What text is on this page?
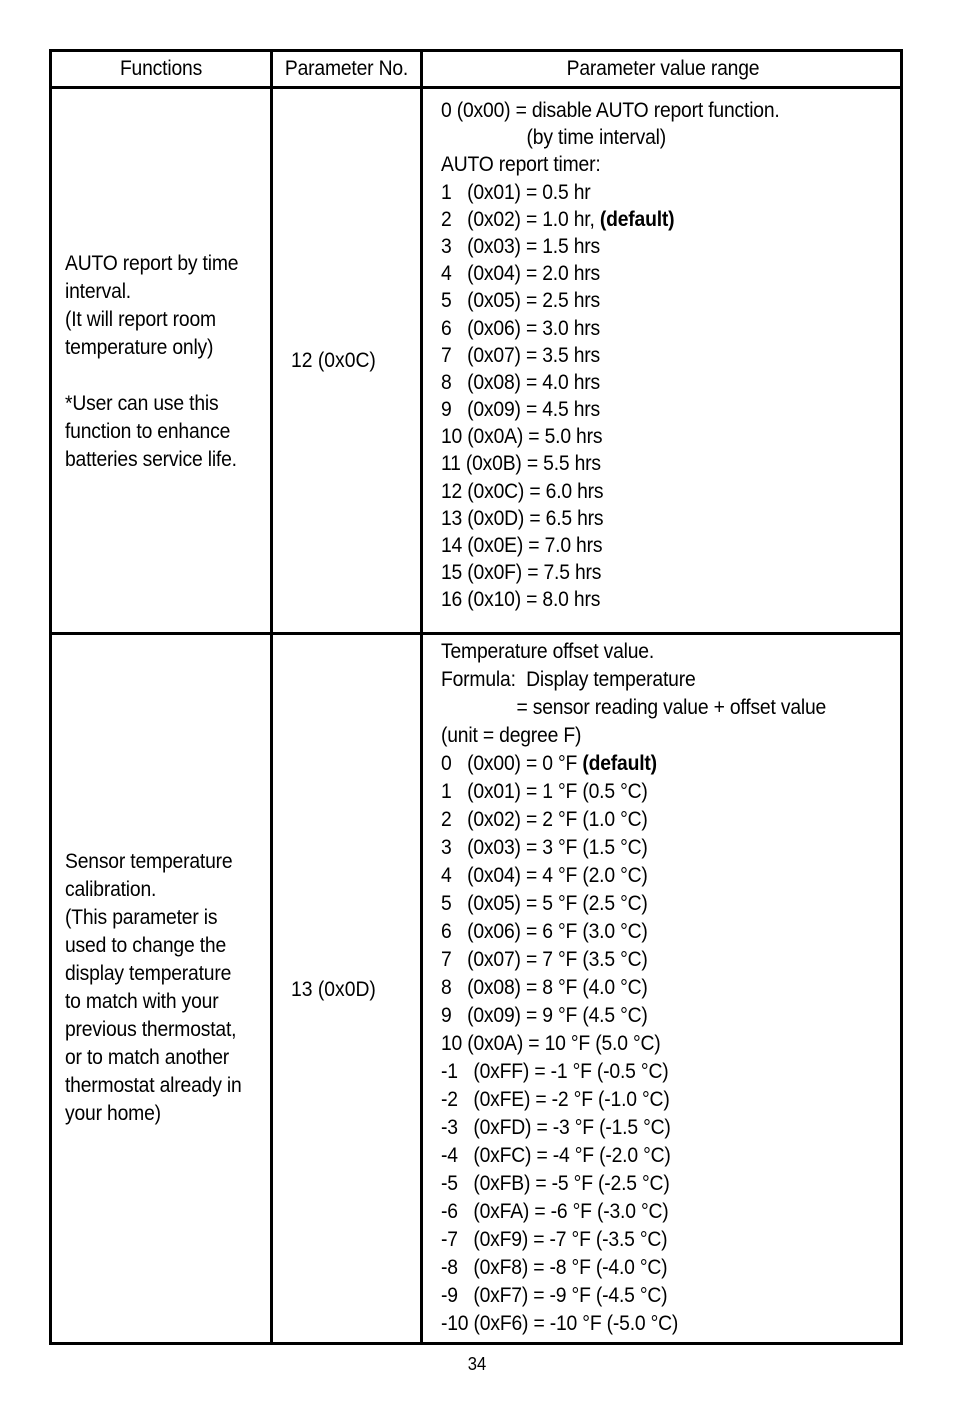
Functions	Parameter No.	Parameter value range
AUTO report by time
interval.
(It will report room
temperature only)

*User can use this
function to enhance
batteries service life.
12 (0x0C)
0 (0x00) = disable AUTO report function.
(by time interval)
AUTO report timer:
1   (0x01) = 0.5 hr
2   (0x02) = 1.0 hr, (default)
3   (0x03) = 1.5 hrs
4   (0x04) = 2.0 hrs
5   (0x05) = 2.5 hrs
6   (0x06) = 3.0 hrs
7   (0x07) = 3.5 hrs
8   (0x08) = 4.0 hrs
9   (0x09) = 4.5 hrs
10 (0x0A) = 5.0 hrs
11 (0x0B) = 5.5 hrs
12 (0x0C) = 6.0 hrs
13 (0x0D) = 6.5 hrs
14 (0x0E) = 7.0 hrs
15 (0x0F) = 7.5 hrs
16 (0x10) = 8.0 hrs
Sensor temperature
calibration.
(This parameter is
used to change the
display temperature
to match with your
previous thermostat,
or to match another
thermostat already in
your home)
13 (0x0D)
Temperature offset value.
Formula:  Display temperature
= sensor reading value + offset value
(unit = degree F)
0   (0x00) = 0 °F (default)
1   (0x01) = 1 °F (0.5 °C)
2   (0x02) = 2 °F (1.0 °C)
3   (0x03) = 3 °F (1.5 °C)
4   (0x04) = 4 °F (2.0 °C)
5   (0x05) = 5 °F (2.5 °C)
6   (0x06) = 6 °F (3.0 °C)
7   (0x07) = 7 °F (3.5 °C)
8   (0x08) = 8 °F (4.0 °C)
9   (0x09) = 9 °F (4.5 °C)
10 (0x0A) = 10 °F (5.0 °C)
-1   (0xFF) = -1 °F (-0.5 °C)
-2   (0xFE) = -2 °F (-1.0 °C)
-3   (0xFD) = -3 °F (-1.5 °C)
-4   (0xFC) = -4 °F (-2.0 °C)
-5   (0xFB) = -5 °F (-2.5 °C)
-6   (0xFA) = -6 °F (-3.0 °C)
-7   (0xF9) = -7 °F (-3.5 °C)
-8   (0xF8) = -8 °F (-4.0 °C)
-9   (0xF7) = -9 °F (-4.5 °C)
-10 (0xF6) = -10 °F (-5.0 °C)
34
